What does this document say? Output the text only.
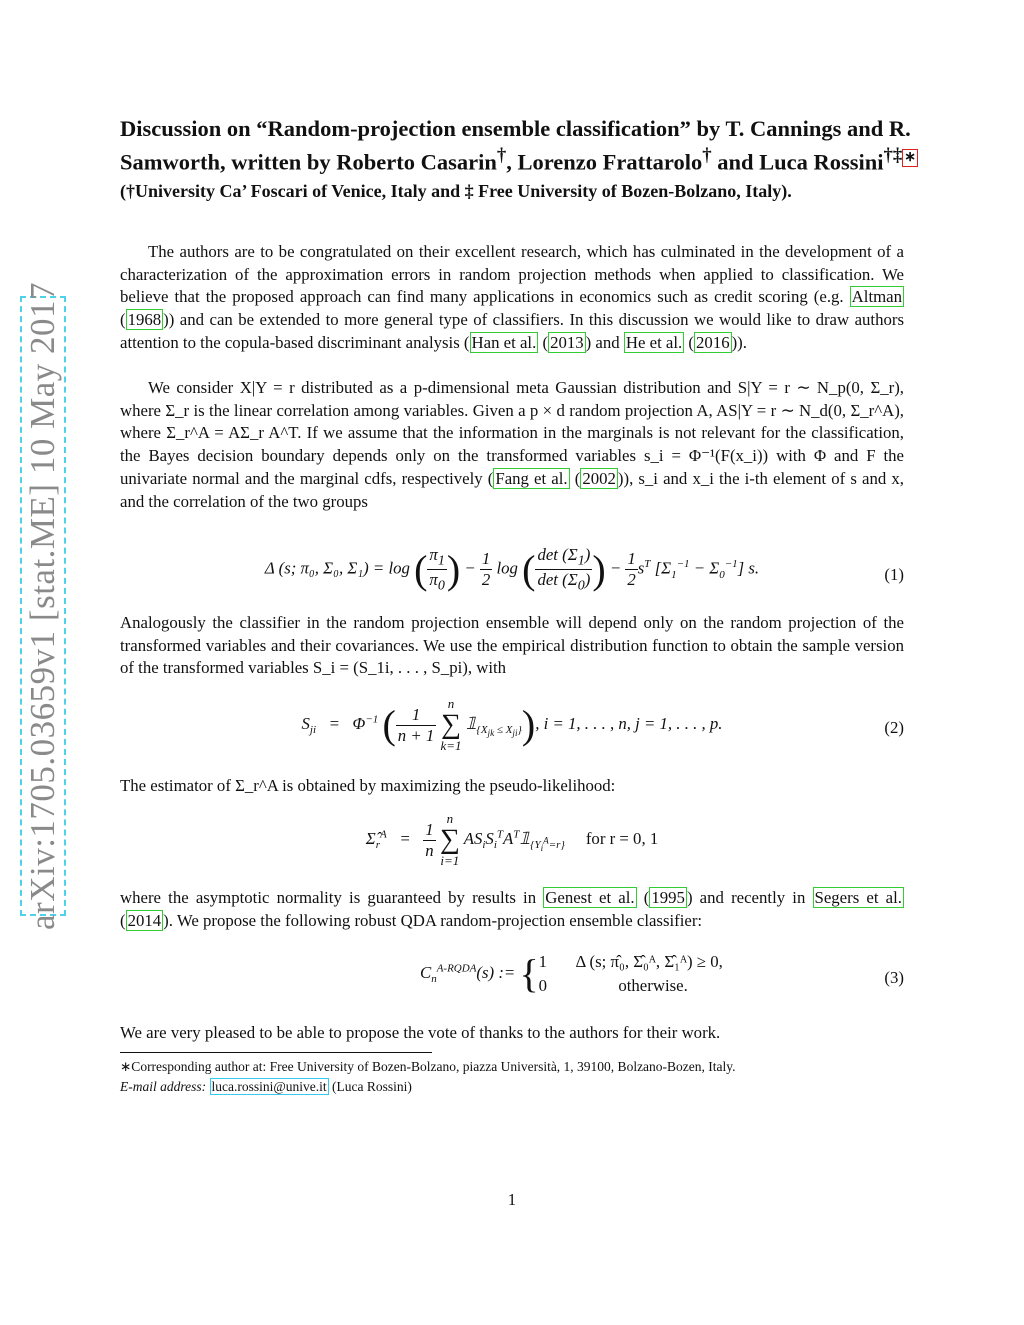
arXiv:1705.03659v1 [stat.ME] 10 May 2017
Discussion on “Random-projection ensemble classification” by T. Cannings and R. Samworth, written by Roberto Casarin†, Lorenzo Frattarolo† and Luca Rossini†‡ ∗(†University Ca’ Foscari of Venice, Italy and ‡ Free University of Bozen-Bolzano, Italy).

The authors are to be congratulated on their excellent research, which has culminated in the development of a characterization of the approximation errors in random projection methods when applied to classification. We believe that the proposed approach can find many applications in economics such as credit scoring (e.g. Altman ( 1968 )) and can be extended to more general type of classifiers. In this discussion we would like to draw authors attention to the copula-based discriminant analysis ( Han et al. ( 2013 ) and He et al. ( 2016 )).

We consider X|Y = r distributed as a p-dimensional meta Gaussian distribution and S|Y = r ∼ N_p(0, Σ_r), where Σ_r is the linear correlation among variables. Given a p × d random projection A, AS|Y = r ∼ N_d(0, Σ_r^A), where Σ_r^A = AΣ_r A^T. If we assume that the information in the marginals is not relevant for the classification, the Bayes decision boundary depends only on the transformed variables s_i = Φ⁻¹(F(x_i)) with Φ and F the univariate normal and the marginal cdfs, respectively ( Fang et al. ( 2002 )), s_i and x_i the i-th element of s and x, and the correlation of the two groups

Δ (s; π₀, Σ₀, Σ₁) = log ( $\frac{\pi_1}{\pi_0}$ ) − $\frac{1}{2}$ log ( $\frac{\det (\Sigma_1)}{\det (\Sigma_0)}$ ) − $\frac{1}{2} s^T$ $[\Sigma_1^{-1} - \Sigma_0^{-1}]$ s.	(1)

Analogously the classifier in the random projection ensemble will depend only on the random projection of the transformed variables and their covariances. We use the empirical distribution function to obtain the sample version of the transformed variables S_i = (S_1i, . . . , S_pi), with

$S_{ji} = \Phi^{-1}$ ( $\frac{1}{n + 1}$
n
∑
k=1 $𝟙_{\{X_{jk} \le X_{ji}\}}$), i = 1, . . . , n, j = 1, . . . , p.	(2)

The estimator of Σ_r^A is obtained by maximizing the pseudo-likelihood:

$\Sigmâ_r^A = \frac{1}{n}$
n
∑
i=1 $AS_iS_i^TA^T𝟙_{\{Y_i^A=r\}}$ for r = 0, 1

where the asymptotic normality is guaranteed by results in Genest et al. ( 1995 ) and recently in Segers et al. ( 2014 ). We propose the following robust QDA random-projection ensemble classifier:

$C_n^{A-RQDA}(s)$ := { 1       Δ (s; π̂₀, Σ̂₀ᴬ, Σ̂₁ᴬ) ≥ 0,
0                 otherwise.	(3)

We are very pleased to be able to propose the vote of thanks to the authors for their work.

∗Corresponding author at: Free University of Bozen-Bolzano, piazza Università, 1, 39100, Bolzano-Bozen, Italy.

E-mail address: luca.rossini@unive.it (Luca Rossini)

1
